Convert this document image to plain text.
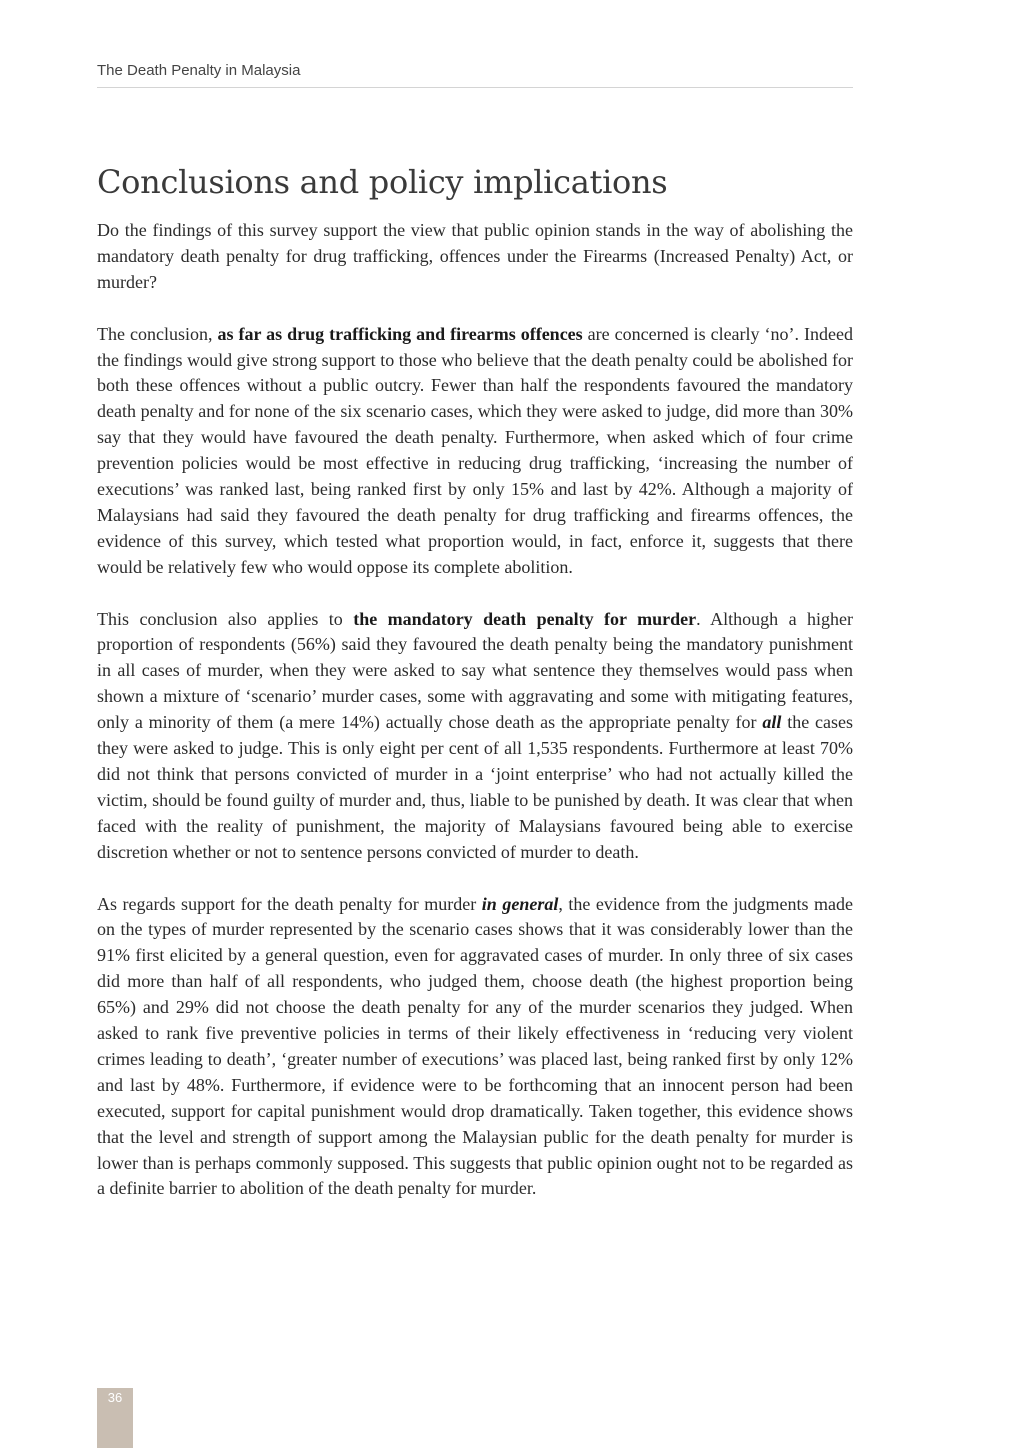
The Death Penalty in Malaysia
Conclusions and policy implications

Do the findings of this survey support the view that public opinion stands in the way of abolishing the mandatory death penalty for drug trafficking, offences under the Firearms (Increased Penalty) Act, or murder?

The conclusion, as far as drug trafficking and firearms offences are concerned is clearly ‘no’. Indeed the findings would give strong support to those who believe that the death penalty could be abolished for both these offences without a public outcry. Fewer than half the respondents favoured the mandatory death penalty and for none of the six scenario cases, which they were asked to judge, did more than 30% say that they would have favoured the death penalty. Furthermore, when asked which of four crime prevention policies would be most effective in reducing drug trafficking, ‘increasing the number of executions’ was ranked last, being ranked first by only 15% and last by 42%. Although a majority of Malaysians had said they favoured the death penalty for drug trafficking and firearms offences, the evidence of this survey, which tested what proportion would, in fact, enforce it, suggests that there would be relatively few who would oppose its complete abolition.

This conclusion also applies to the mandatory death penalty for murder. Although a higher proportion of respondents (56%) said they favoured the death penalty being the mandatory punishment in all cases of murder, when they were asked to say what sentence they themselves would pass when shown a mixture of ‘scenario’ murder cases, some with aggravating and some with mitigating features, only a minority of them (a mere 14%) actually chose death as the appropriate penalty for all the cases they were asked to judge. This is only eight per cent of all 1,535 respondents. Furthermore at least 70% did not think that persons convicted of murder in a ‘joint enterprise’ who had not actually killed the victim, should be found guilty of murder and, thus, liable to be punished by death. It was clear that when faced with the reality of punishment, the majority of Malaysians favoured being able to exercise discretion whether or not to sentence persons convicted of murder to death.

As regards support for the death penalty for murder in general, the evidence from the judgments made on the types of murder represented by the scenario cases shows that it was considerably lower than the 91% first elicited by a general question, even for aggravated cases of murder. In only three of six cases did more than half of all respondents, who judged them, choose death (the highest proportion being 65%) and 29% did not choose the death penalty for any of the murder scenarios they judged. When asked to rank five preventive policies in terms of their likely effectiveness in ‘reducing very violent crimes leading to death’, ‘greater number of executions’ was placed last, being ranked first by only 12% and last by 48%. Furthermore, if evidence were to be forthcoming that an innocent person had been executed, support for capital punishment would drop dramatically. Taken together, this evidence shows that the level and strength of support among the Malaysian public for the death penalty for murder is lower than is perhaps commonly supposed. This suggests that public opinion ought not to be regarded as a definite barrier to abolition of the death penalty for murder.

36
